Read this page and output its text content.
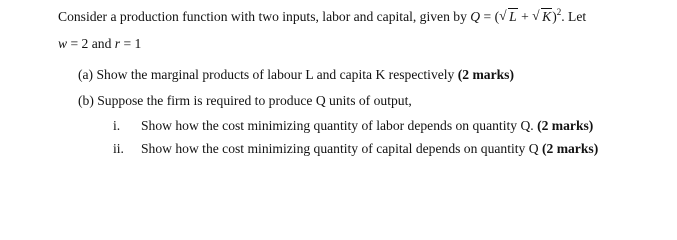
Consider a production function with two inputs, labor and capital, given by Q = ( √ L + √ K)$^2$. Let
w = 2 and r = 1
(a) Show the marginal products of labour L and capita K respectively (2 marks)
(b) Suppose the firm is required to produce Q units of output,
i. Show how the cost minimizing quantity of labor depends on quantity Q. (2 marks)
ii. Show how the cost minimizing quantity of capital depends on quantity Q (2 marks)
